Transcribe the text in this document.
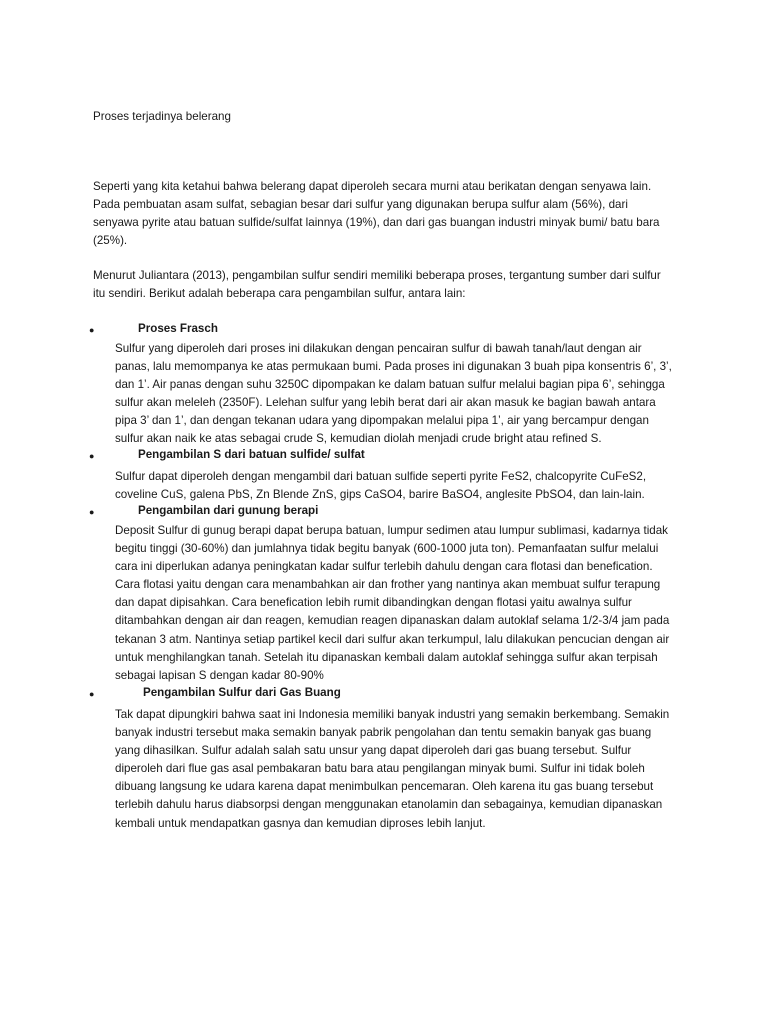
Proses terjadinya belerang

Seperti yang kita ketahui bahwa belerang dapat diperoleh secara murni atau berikatan dengan senyawa lain.
Pada pembuatan asam sulfat, sebagian besar dari sulfur yang digunakan berupa sulfur alam (56%), dari
senyawa pyrite atau batuan sulfide/sulfat lainnya (19%), dan dari gas buangan industri minyak bumi/ batu bara
(25%).

Menurut Juliantara (2013), pengambilan sulfur sendiri memiliki beberapa proses, tergantung sumber dari sulfur
itu sendiri. Berikut adalah beberapa cara pengambilan sulfur, antara lain:

●	Proses Frasch
Sulfur yang diperoleh dari proses ini dilakukan dengan pencairan sulfur di bawah tanah/laut dengan air
panas, lalu memompanya ke atas permukaan bumi. Pada proses ini digunakan 3 buah pipa konsentris 6’, 3’,
dan 1’. Air panas dengan suhu 3250C dipompakan ke dalam batuan sulfur melalui bagian pipa 6’, sehingga
sulfur akan meleleh (2350F). Lelehan sulfur yang lebih berat dari air akan masuk ke bagian bawah antara
pipa 3’ dan 1’, dan dengan tekanan udara yang dipompakan melalui pipa 1’, air yang bercampur dengan
sulfur akan naik ke atas sebagai crude S, kemudian diolah menjadi crude bright atau refined S.
●	Pengambilan S dari batuan sulfide/ sulfat
Sulfur dapat diperoleh dengan mengambil dari batuan sulfide seperti pyrite FeS2, chalcopyrite CuFeS2,
coveline CuS, galena PbS, Zn Blende ZnS, gips CaSO4, barire BaSO4, anglesite PbSO4, dan lain-lain.
●	Pengambilan dari gunung berapi
Deposit Sulfur di gunug berapi dapat berupa batuan, lumpur sedimen atau lumpur sublimasi, kadarnya tidak
begitu tinggi (30-60%) dan jumlahnya tidak begitu banyak (600-1000 juta ton). Pemanfaatan sulfur melalui
cara ini diperlukan adanya peningkatan kadar sulfur terlebih dahulu dengan cara flotasi dan benefication.
Cara flotasi yaitu dengan cara menambahkan air dan frother yang nantinya akan membuat sulfur terapung
dan dapat dipisahkan. Cara benefication lebih rumit dibandingkan dengan flotasi yaitu awalnya sulfur
ditambahkan dengan air dan reagen, kemudian reagen dipanaskan dalam autoklaf selama 1/2-3/4 jam pada
tekanan 3 atm. Nantinya setiap partikel kecil dari sulfur akan terkumpul, lalu dilakukan pencucian dengan air
untuk menghilangkan tanah. Setelah itu dipanaskan kembali dalam autoklaf sehingga sulfur akan terpisah
sebagai lapisan S dengan kadar 80-90%
●	Pengambilan Sulfur dari Gas Buang
Tak dapat dipungkiri bahwa saat ini Indonesia memiliki banyak industri yang semakin berkembang. Semakin
banyak industri tersebut maka semakin banyak pabrik pengolahan dan tentu semakin banyak gas buang
yang dihasilkan. Sulfur adalah salah satu unsur yang dapat diperoleh dari gas buang tersebut. Sulfur
diperoleh dari flue gas asal pembakaran batu bara atau pengilangan minyak bumi. Sulfur ini tidak boleh
dibuang langsung ke udara karena dapat menimbulkan pencemaran. Oleh karena itu gas buang tersebut
terlebih dahulu harus diabsorpsi dengan menggunakan etanolamin dan sebagainya, kemudian dipanaskan
kembali untuk mendapatkan gasnya dan kemudian diproses lebih lanjut.
